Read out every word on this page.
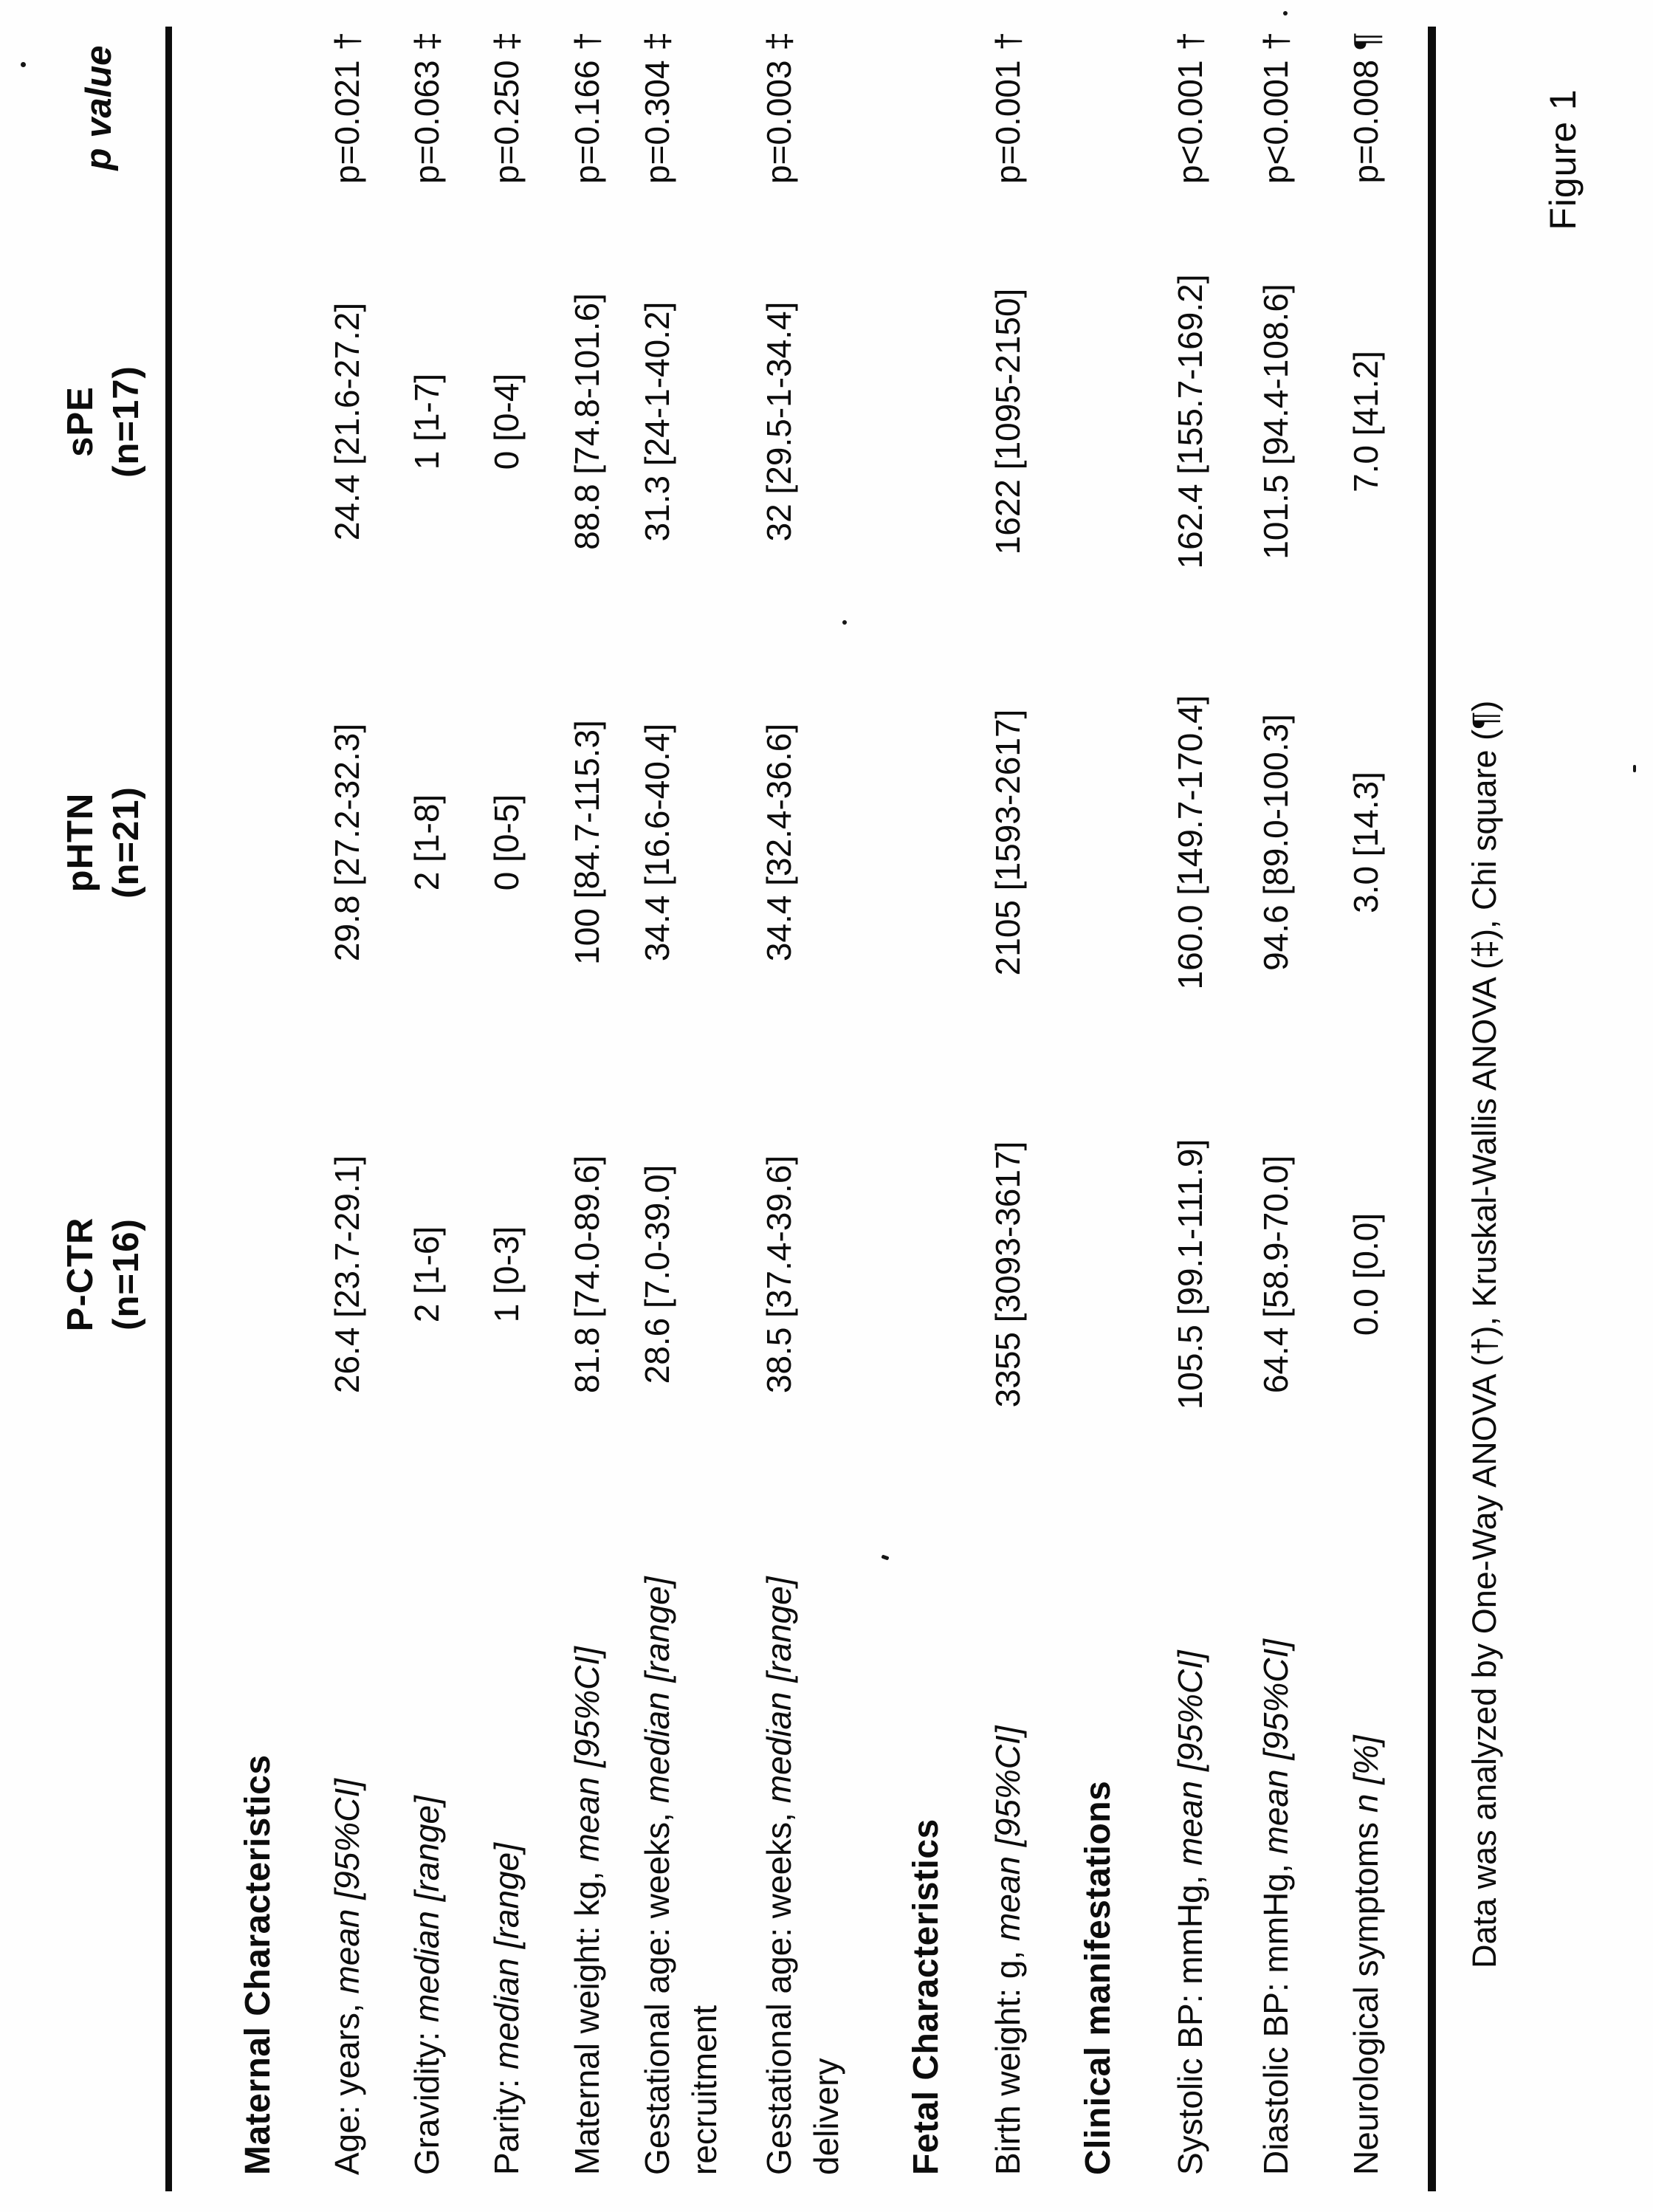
P-CTR (n=16)
pHTN (n=21)
sPE (n=17)
p value
Maternal Characteristics Age: years, mean [95%CI]
26.4 [23.7-29.1]
29.8 [27.2-32.3]
24.4 [21.6-27.2]
p=0.021 †
Gravidity: median [range]
2 [1-6]
2 [1-8]
1 [1-7]
p=0.063 ‡
Parity: median [range]
1 [0-3]
0 [0-5]
0 [0-4]
p=0.250 ‡
Maternal weight: kg, mean [95%CI]
81.8 [74.0-89.6]
100 [84.7-115.3]
88.8 [74.8-101.6]
p=0.166 †
Gestational age: weeks, median [range]
recruitment
28.6 [7.0-39.0]
34.4 [16.6-40.4]
31.3 [24-1-40.2]
p=0.304 ‡
Gestational age: weeks, median [range]
delivery
38.5 [37.4-39.6]
34.4 [32.4-36.6]
32 [29.5-1-34.4]
p=0.003 ‡
Fetal Characteristics Birth weight: g, mean [95%CI]
3355 [3093-3617]
2105 [1593-2617]
1622 [1095-2150]
p=0.001 †
Clinical manifestations Systolic BP: mmHg, mean [95%CI]
105.5 [99.1-111.9]
160.0 [149.7-170.4]
162.4 [155.7-169.2]
p<0.001 †
Diastolic BP: mmHg, mean [95%CI]
64.4 [58.9-70.0]
94.6 [89.0-100.3]
101.5 [94.4-108.6]
p<0.001 †
Neurological symptoms n [%]
0.0 [0.0]
3.0 [14.3]
7.0 [41.2]
p=0.008 ¶
Data was analyzed by One-Way ANOVA (†), Kruskal-Wallis ANOVA (‡), Chi square (¶)
Figure 1
